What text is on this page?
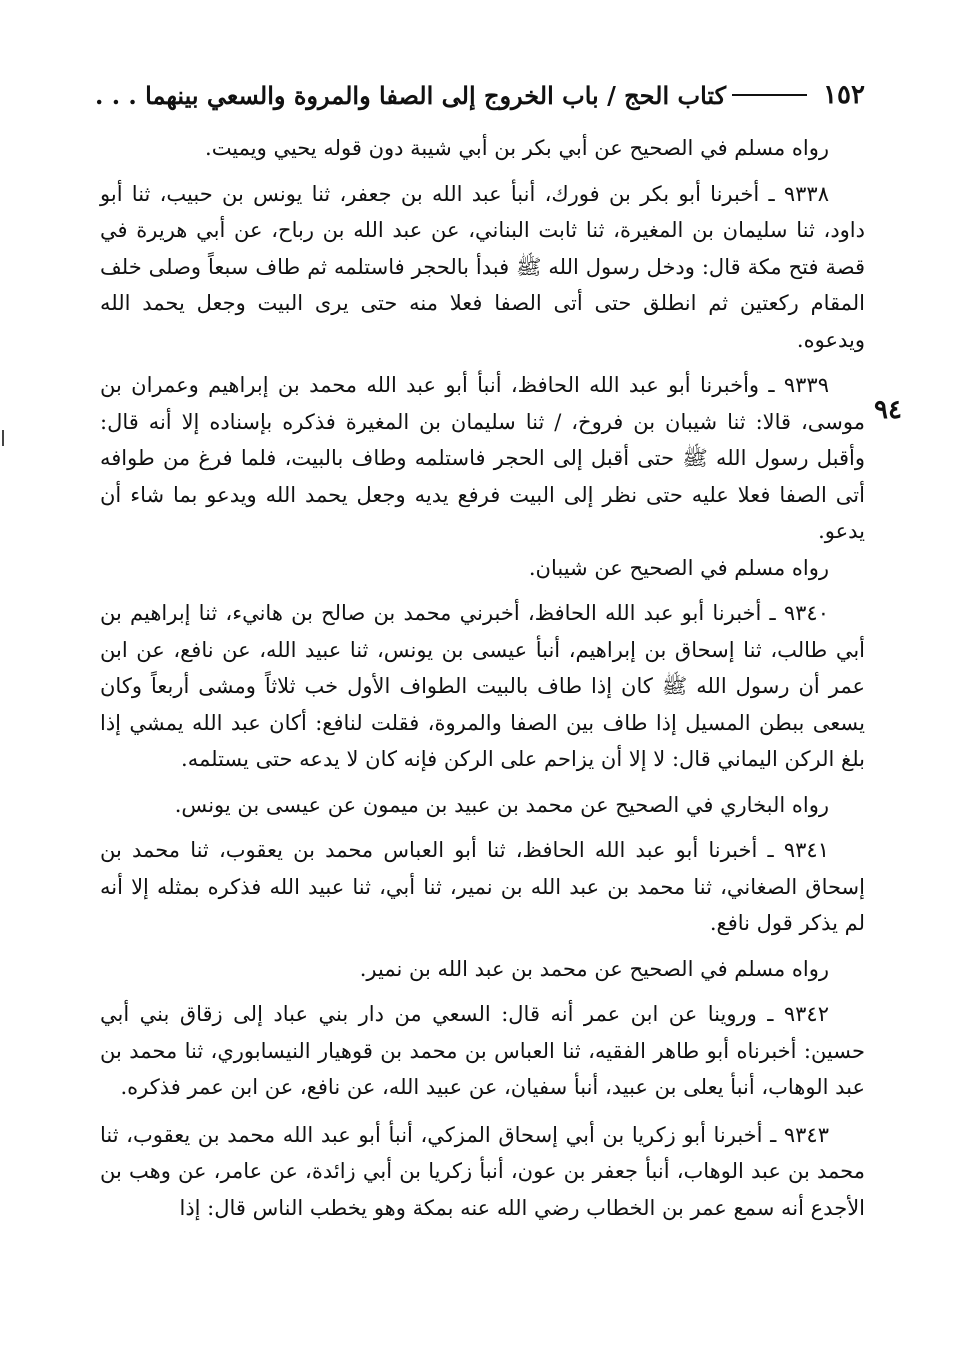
١٥٢
كتاب الحج / باب الخروج إلى الصفا والمروة والسعي بينهما . . .
٩٤

رواه مسلم في الصحيح عن أبي بكر بن أبي شيبة دون قوله يحيي ويميت.

٩٣٣٨ ـ أخبرنا أبو بكر بن فورك، أنبأ عبد الله بن جعفر، ثنا يونس بن حبيب، ثنا أبو داود، ثنا سليمان بن المغيرة، ثنا ثابت البناني، عن عبد الله بن رباح، عن أبي هريرة في قصة فتح مكة قال: ودخل رسول الله ﷺ فبدأ بالحجر فاستلمه ثم طاف سبعاً وصلى خلف المقام ركعتين ثم انطلق حتى أتى الصفا فعلا منه حتى يرى البيت وجعل يحمد الله ويدعوه.

٩٣٣٩ ـ وأخبرنا أبو عبد الله الحافظ، أنبأ أبو عبد الله محمد بن إبراهيم وعمران بن موسى، قالا: ثنا شيبان بن فروخ، / ثنا سليمان بن المغيرة فذكره بإسناده إلا أنه قال: وأقبل رسول الله ﷺ حتى أقبل إلى الحجر فاستلمه وطاف بالبيت، فلما فرغ من طوافه أتى الصفا فعلا عليه حتى نظر إلى البيت فرفع يديه وجعل يحمد الله ويدعو بما شاء أن يدعو.

رواه مسلم في الصحيح عن شيبان.

٩٣٤٠ ـ أخبرنا أبو عبد الله الحافظ، أخبرني محمد بن صالح بن هانيء، ثنا إبراهيم بن أبي طالب، ثنا إسحاق بن إبراهيم، أنبأ عيسى بن يونس، ثنا عبيد الله، عن نافع، عن ابن عمر أن رسول الله ﷺ كان إذا طاف بالبيت الطواف الأول خب ثلاثاً ومشى أربعاً وكان يسعى ببطن المسيل إذا طاف بين الصفا والمروة، فقلت لنافع: أكان عبد الله يمشي إذا بلغ الركن اليماني قال: لا إلا أن يزاحم على الركن فإنه كان لا يدعه حتى يستلمه.

رواه البخاري في الصحيح عن محمد بن عبيد بن ميمون عن عيسى بن يونس.

٩٣٤١ ـ أخبرنا أبو عبد الله الحافظ، ثنا أبو العباس محمد بن يعقوب، ثنا محمد بن إسحاق الصغاني، ثنا محمد بن عبد الله بن نمير، ثنا أبي، ثنا عبيد الله فذكره بمثله إلا أنه لم يذكر قول نافع.

رواه مسلم في الصحيح عن محمد بن عبد الله بن نمير.

٩٣٤٢ ـ وروينا عن ابن عمر أنه قال: السعي من دار بني عباد إلى زقاق بني أبي حسين: أخبرناه أبو طاهر الفقيه، ثنا العباس بن محمد بن قوهيار النيسابوري، ثنا محمد بن عبد الوهاب، أنبأ يعلى بن عبيد، أنبأ سفيان، عن عبيد الله، عن نافع، عن ابن عمر فذكره.

٩٣٤٣ ـ أخبرنا أبو زكريا بن أبي إسحاق المزكي، أنبأ أبو عبد الله محمد بن يعقوب، ثنا محمد بن عبد الوهاب، أنبأ جعفر بن عون، أنبأ زكريا بن أبي زائدة، عن عامر، عن وهب بن الأجدع أنه سمع عمر بن الخطاب رضي الله عنه بمكة وهو يخطب الناس قال: إذا
